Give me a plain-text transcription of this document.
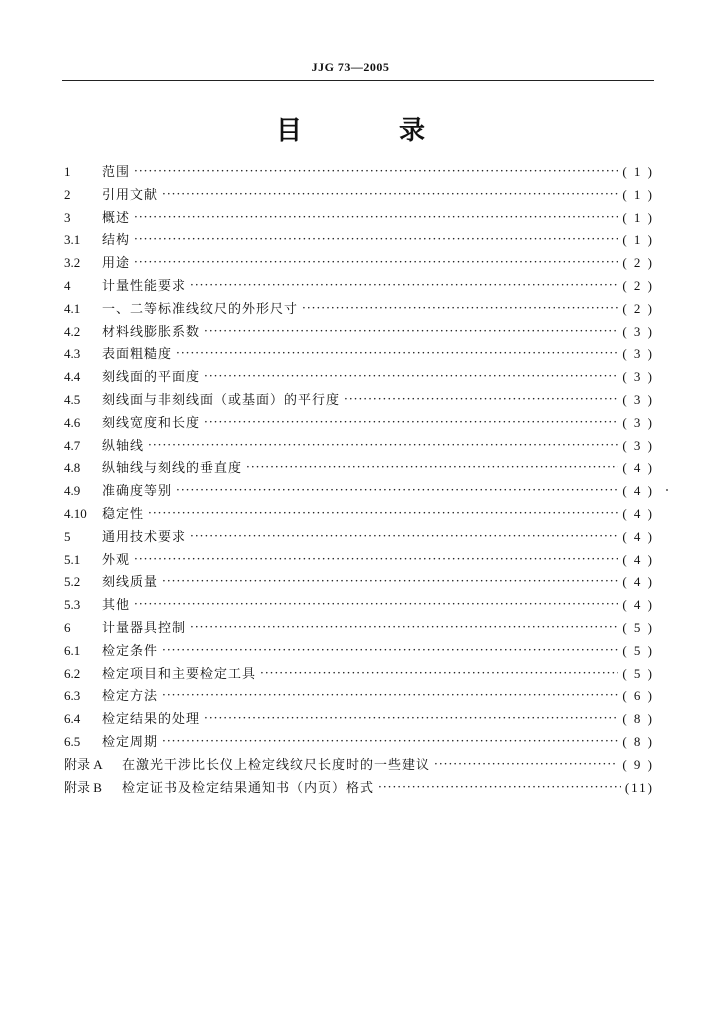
JJG 73—2005
目 录
1	范围 ·····	( 1 )
2	引用文献 ·····	( 1 )
3	概述 ·····	( 1 )
3.1	结构 ·····	( 1 )
3.2	用途 ·····	( 2 )
4	计量性能要求 ·····	( 2 )
4.1	一、二等标准线纹尺的外形尺寸 ·····	( 2 )
4.2	材料线膨胀系数 ·····	( 3 )
4.3	表面粗糙度 ·····	( 3 )
4.4	刻线面的平面度 ·····	( 3 )
4.5	刻线面与非刻线面（或基面）的平行度 ·····	( 3 )
4.6	刻线宽度和长度 ·····	( 3 )
4.7	纵轴线 ·····	( 3 )
4.8	纵轴线与刻线的垂直度 ·····	( 4 )
4.9	准确度等别 ·····	( 4 )
4.10	稳定性 ·····	( 4 )
5	通用技术要求 ·····	( 4 )
5.1	外观 ·····	( 4 )
5.2	刻线质量 ·····	( 4 )
5.3	其他 ·····	( 4 )
6	计量器具控制 ·····	( 5 )
6.1	检定条件 ·····	( 5 )
6.2	检定项目和主要检定工具 ·····	( 5 )
6.3	检定方法 ·····	( 6 )
6.4	检定结果的处理 ·····	( 8 )
6.5	检定周期 ·····	( 8 )
附录 A	在激光干涉比长仪上检定线纹尺长度时的一些建议 ·····	( 9 )
附录 B	检定证书及检定结果通知书（内页）格式 ·····	(11)
